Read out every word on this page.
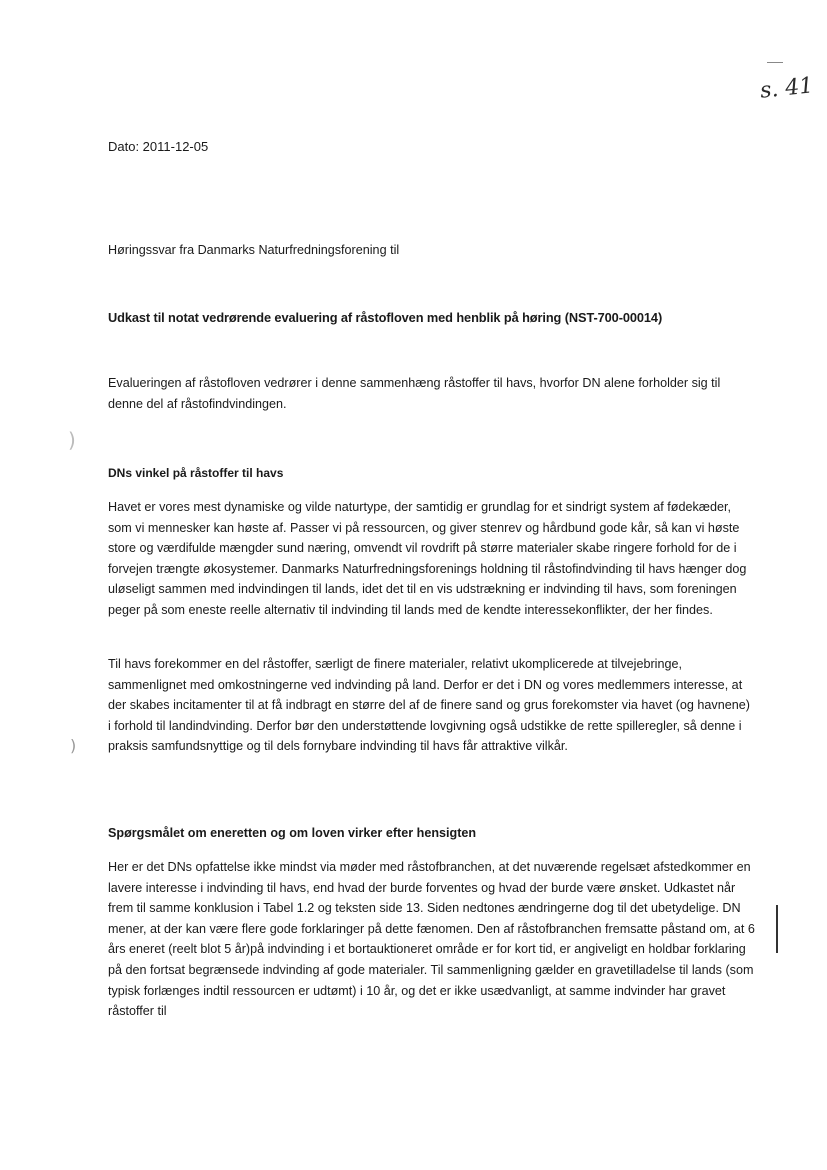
s. 41
)
)
Dato: 2011-12-05
Høringssvar fra Danmarks Naturfredningsforening til
Udkast til notat vedrørende evaluering af råstofloven med henblik på høring (NST-700-00014)

Evalueringen af råstofloven vedrører i denne sammenhæng råstoffer til havs, hvorfor DN alene forholder sig til denne del af råstofindvindingen.

DNs vinkel på råstoffer til havs

Havet er vores mest dynamiske og vilde naturtype, der samtidig er grundlag for et sindrigt system af fødekæder, som vi mennesker kan høste af. Passer vi på ressourcen, og giver stenrev og hårdbund gode kår, så kan vi høste store og værdifulde mængder sund næring, omvendt vil rovdrift på større materialer skabe ringere forhold for de i forvejen trængte økosystemer. Danmarks Naturfredningsforenings holdning til råstofindvinding til havs hænger dog uløseligt sammen med indvindingen til lands, idet det til en vis udstrækning er indvinding til havs, som foreningen peger på som eneste reelle alternativ til indvinding til lands med de kendte interessekonflikter, der her findes.

Til havs forekommer en del råstoffer, særligt de finere materialer, relativt ukomplicerede at tilvejebringe, sammenlignet med omkostningerne ved indvinding på land. Derfor er det i DN og vores medlemmers interesse, at der skabes incitamenter til at få indbragt en større del af de finere sand og grus forekomster via havet (og havnene) i forhold til landindvinding. Derfor bør den understøttende lovgivning også udstikke de rette spilleregler, så denne i praksis samfundsnyttige og til dels fornybare indvinding til havs får attraktive vilkår.

Spørgsmålet om eneretten og om loven virker efter hensigten

Her er det DNs opfattelse ikke mindst via møder med råstofbranchen, at det nuværende regelsæt afstedkommer en lavere interesse i indvinding til havs, end hvad der burde forventes og hvad der burde være ønsket. Udkastet når frem til samme konklusion i Tabel 1.2 og teksten side 13. Siden nedtones ændringerne dog til det ubetydelige. DN mener, at der kan være flere gode forklaringer på dette fænomen. Den af råstofbranchen fremsatte påstand om, at 6 års eneret (reelt blot 5 år)på indvinding i et bortauktioneret område er for kort tid, er angiveligt en holdbar forklaring på den fortsat begrænsede indvinding af gode materialer. Til sammenligning gælder en gravetilladelse til lands (som typisk forlænges indtil ressourcen er udtømt) i 10 år, og det er ikke usædvanligt, at samme indvinder har gravet råstoffer til
